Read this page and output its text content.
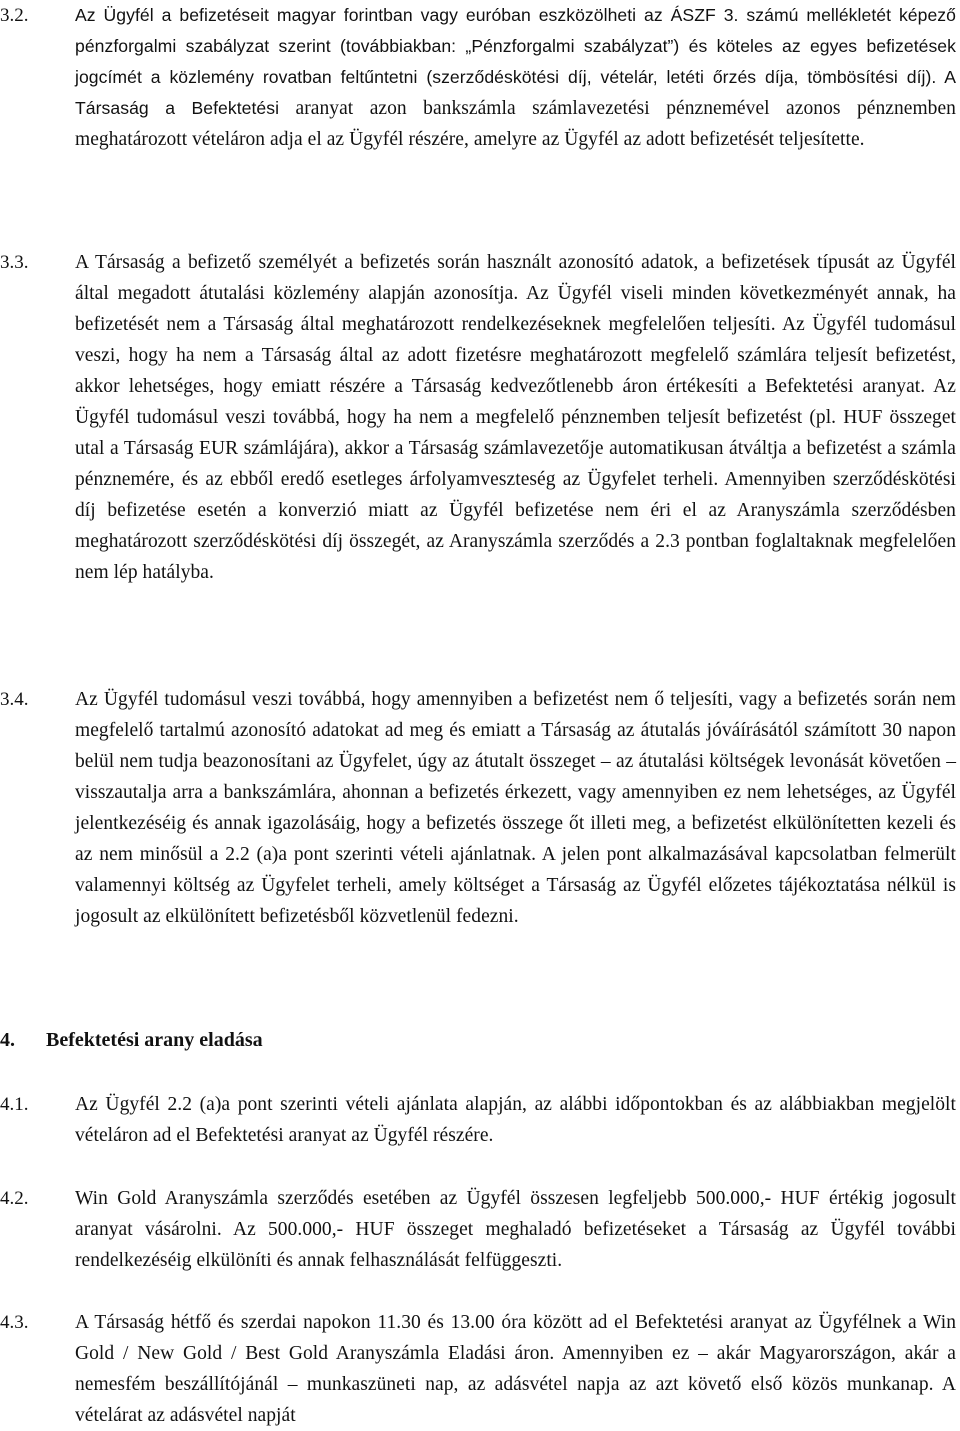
3.2.	Az Ügyfél a befizetéseit magyar forintban vagy euróban eszközölheti az ÁSZF 3. számú mellékletét képező pénzforgalmi szabályzat szerint (továbbiakban: „Pénzforgalmi szabályzat”) és köteles az egyes befizetések jogcímét a közlemény rovatban feltűntetni (szerződéskötési díj, vételár, letéti őrzés díja, tömbösítési díj). A Társaság a Befektetési aranyat azon bankszámla számlavezetési pénznemével azonos pénznemben meghatározott vételáron adja el az Ügyfél részére, amelyre az Ügyfél az adott befizetését teljesítette.
3.3. A Társaság a befizető személyét a befizetés során használt azonosító adatok, a befizetések típusát az Ügyfél által megadott átutalási közlemény alapján azonosítja. Az Ügyfél viseli minden következményét annak, ha befizetését nem a Társaság által meghatározott rendelkezéseknek megfelelően teljesíti. Az Ügyfél tudomásul veszi, hogy ha nem a Társaság által az adott fizetésre meghatározott megfelelő számlára teljesít befizetést, akkor lehetséges, hogy emiatt részére a Társaság kedvezőtlenebb áron értékesíti a Befektetési aranyat. Az Ügyfél tudomásul veszi továbbá, hogy ha nem a megfelelő pénznemben teljesít befizetést (pl. HUF összeget utal a Társaság EUR számlájára), akkor a Társaság számlavezetője automatikusan átváltja a befizetést a számla pénznemére, és az ebből eredő esetleges árfolyamveszteség az Ügyfelet terheli. Amennyiben szerződéskötési díj befizetése esetén a konverzió miatt az Ügyfél befizetése nem éri el az Aranyszámla szerződésben meghatározott szerződéskötési díj összegét, az Aranyszámla szerződés a 2.3 pontban foglaltaknak megfelelően nem lép hatályba.
3.4. Az Ügyfél tudomásul veszi továbbá, hogy amennyiben a befizetést nem ő teljesíti, vagy a befizetés során nem megfelelő tartalmú azonosító adatokat ad meg és emiatt a Társaság az átutalás jóváírásától számított 30 napon belül nem tudja beazonosítani az Ügyfelet, úgy az átutalt összeget – az átutalási költségek levonását követően – visszautalja arra a bankszámlára, ahonnan a befizetés érkezett, vagy amennyiben ez nem lehetséges, az Ügyfél jelentkezéséig és annak igazolásáig, hogy a befizetés összege őt illeti meg, a befizetést elkülönítetten kezeli és az nem minősül a 2.2 (a)a pont szerinti vételi ajánlatnak. A jelen pont alkalmazásával kapcsolatban felmerült valamennyi költség az Ügyfelet terheli, amely költséget a Társaság az Ügyfél előzetes tájékoztatása nélkül is jogosult az elkülönített befizetésből közvetlenül fedezni.
4. Befektetési arany eladása
4.1. Az Ügyfél 2.2 (a)a pont szerinti vételi ajánlata alapján, az alábbi időpontokban és az alábbiakban megjelölt vételáron ad el Befektetési aranyat az Ügyfél részére.
4.2. Win Gold Aranyszámla szerződés esetében az Ügyfél összesen legfeljebb 500.000,- HUF értékig jogosult aranyat vásárolni. Az 500.000,- HUF összeget meghaladó befizetéseket a Társaság az Ügyfél további rendelkezéséig elkülöníti és annak felhasználását felfüggeszti.
4.3. A Társaság hétfő és szerdai napokon 11.30 és 13.00 óra között ad el Befektetési aranyat az Ügyfélnek a Win Gold / New Gold / Best Gold Aranyszámla Eladási áron. Amennyiben ez – akár Magyarországon, akár a nemesfém beszállítójánál – munkaszüneti nap, az adásvétel napja az azt követő első közös munkanap. A vételárat az adásvétel napját
